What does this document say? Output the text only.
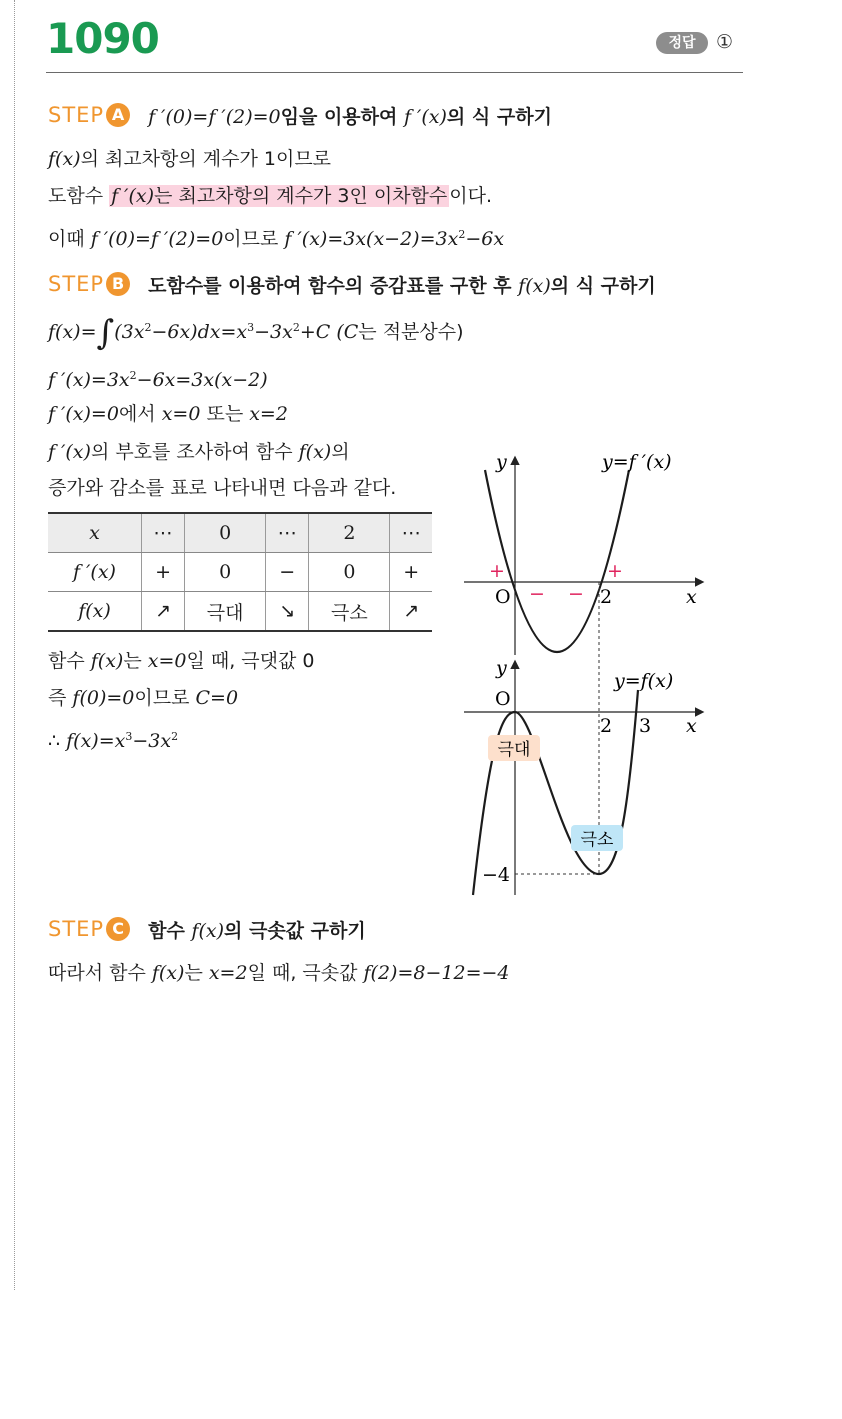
1090	정답	①
STEP A	f ′(0)=f ′(2)=0임을 이용하여 f ′(x)의 식 구하기
f(x)의 최고차항의 계수가 1이므로
도함수 f ′(x)는 최고차항의 계수가 3인 이차함수 이다.
이때 f ′(0)=f ′(2)=0이므로 f $'(x)=3x(x-2)=3x^2-6x$
STEP B	도함수를 이용하여 함수의 증감표를 구한 후 f(x)의 식 구하기
$f(x)=\int(3x^2-6x)dx=x^3-3x^2+C$ (C는 적분상수)
f $'(x)=3x^2-6x=3x(x-2)$
f ′(x)=0에서 x=0 또는 x=2
f ′(x)의 부호를 조사하여 함수 f(x)의
증가와 감소를 표로 나타내면 다음과 같다.
x	⋯	0	⋯	2	⋯
f ′(x)	+	0	−	0	+
f(x)	↗	극대	↘	극소	↗
함수 f(x)는 x=0일 때, 극댓값 0
즉 f(0)=0이므로 C=0
∴ $f(x)=x^3-3x^2$
y	y=f ′(x)
+	+
− −
O	2	x
y
y=f(x)
O
2 3 x
−4
극대
극소
STEP C	함수 f(x)의 극솟값 구하기
따라서 함수 f(x)는 x=2일 때, 극솟값 f(2)=8−12=−4
